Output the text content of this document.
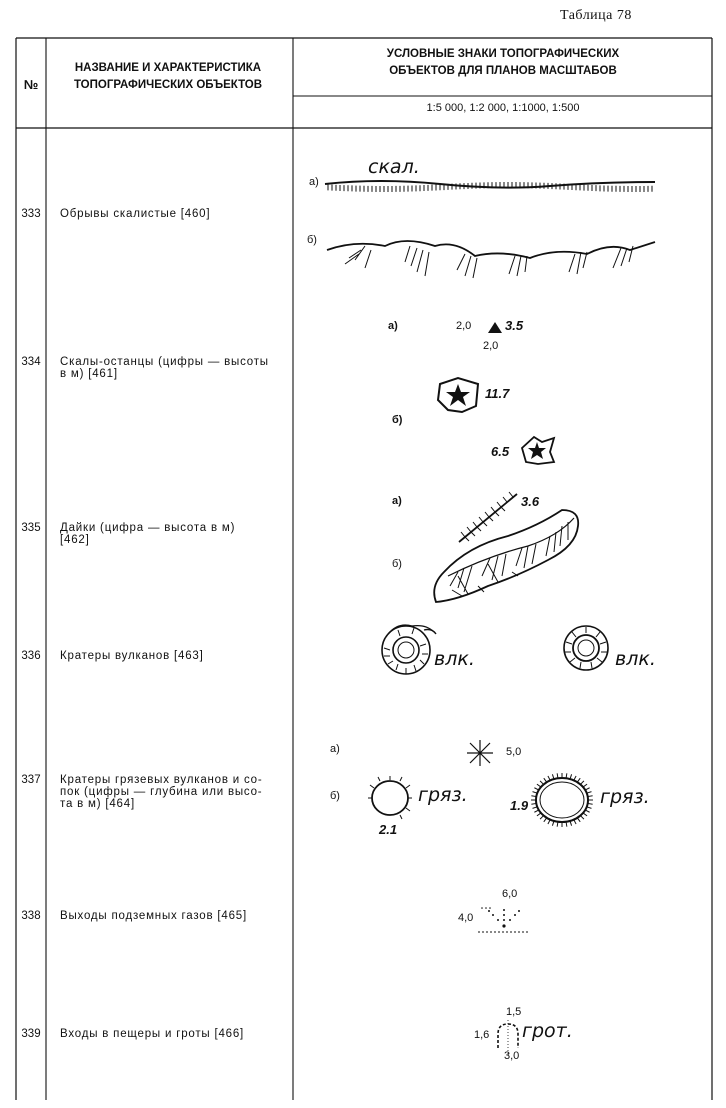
Таблица 78
№
НАЗВАНИЕ И ХАРАКТЕРИСТИКА
ТОПОГРАФИЧЕСКИХ ОБЪЕКТОВ
УСЛОВНЫЕ ЗНАКИ ТОПОГРАФИЧЕСКИХ
ОБЪЕКТОВ ДЛЯ ПЛАНОВ МАСШТАБОВ
1:5 000, 1:2 000, 1:1000, 1:500
333	Обрывы скалистые [460]
а)
б)
скал.
334	Скалы-останцы (цифры — высоты
в м) [461]
а)
б)
2,0	3.5
2,0
11.7
6.5
335	Дайки (цифра — высота в м)
[462]
а)
б)
3.6
336	Кратеры вулканов [463]	влк.	влк.
337	Кратеры грязевых вулканов и со-
пок (цифры — глубина или высо-
та в м) [464]
а)
б)
5,0
гряз.
2.1
1.9	гряз.
338	Выходы подземных газов [465]
6,0
4,0
339	Входы в пещеры и гроты [466]
1,5
1,6
3,0
грот.
